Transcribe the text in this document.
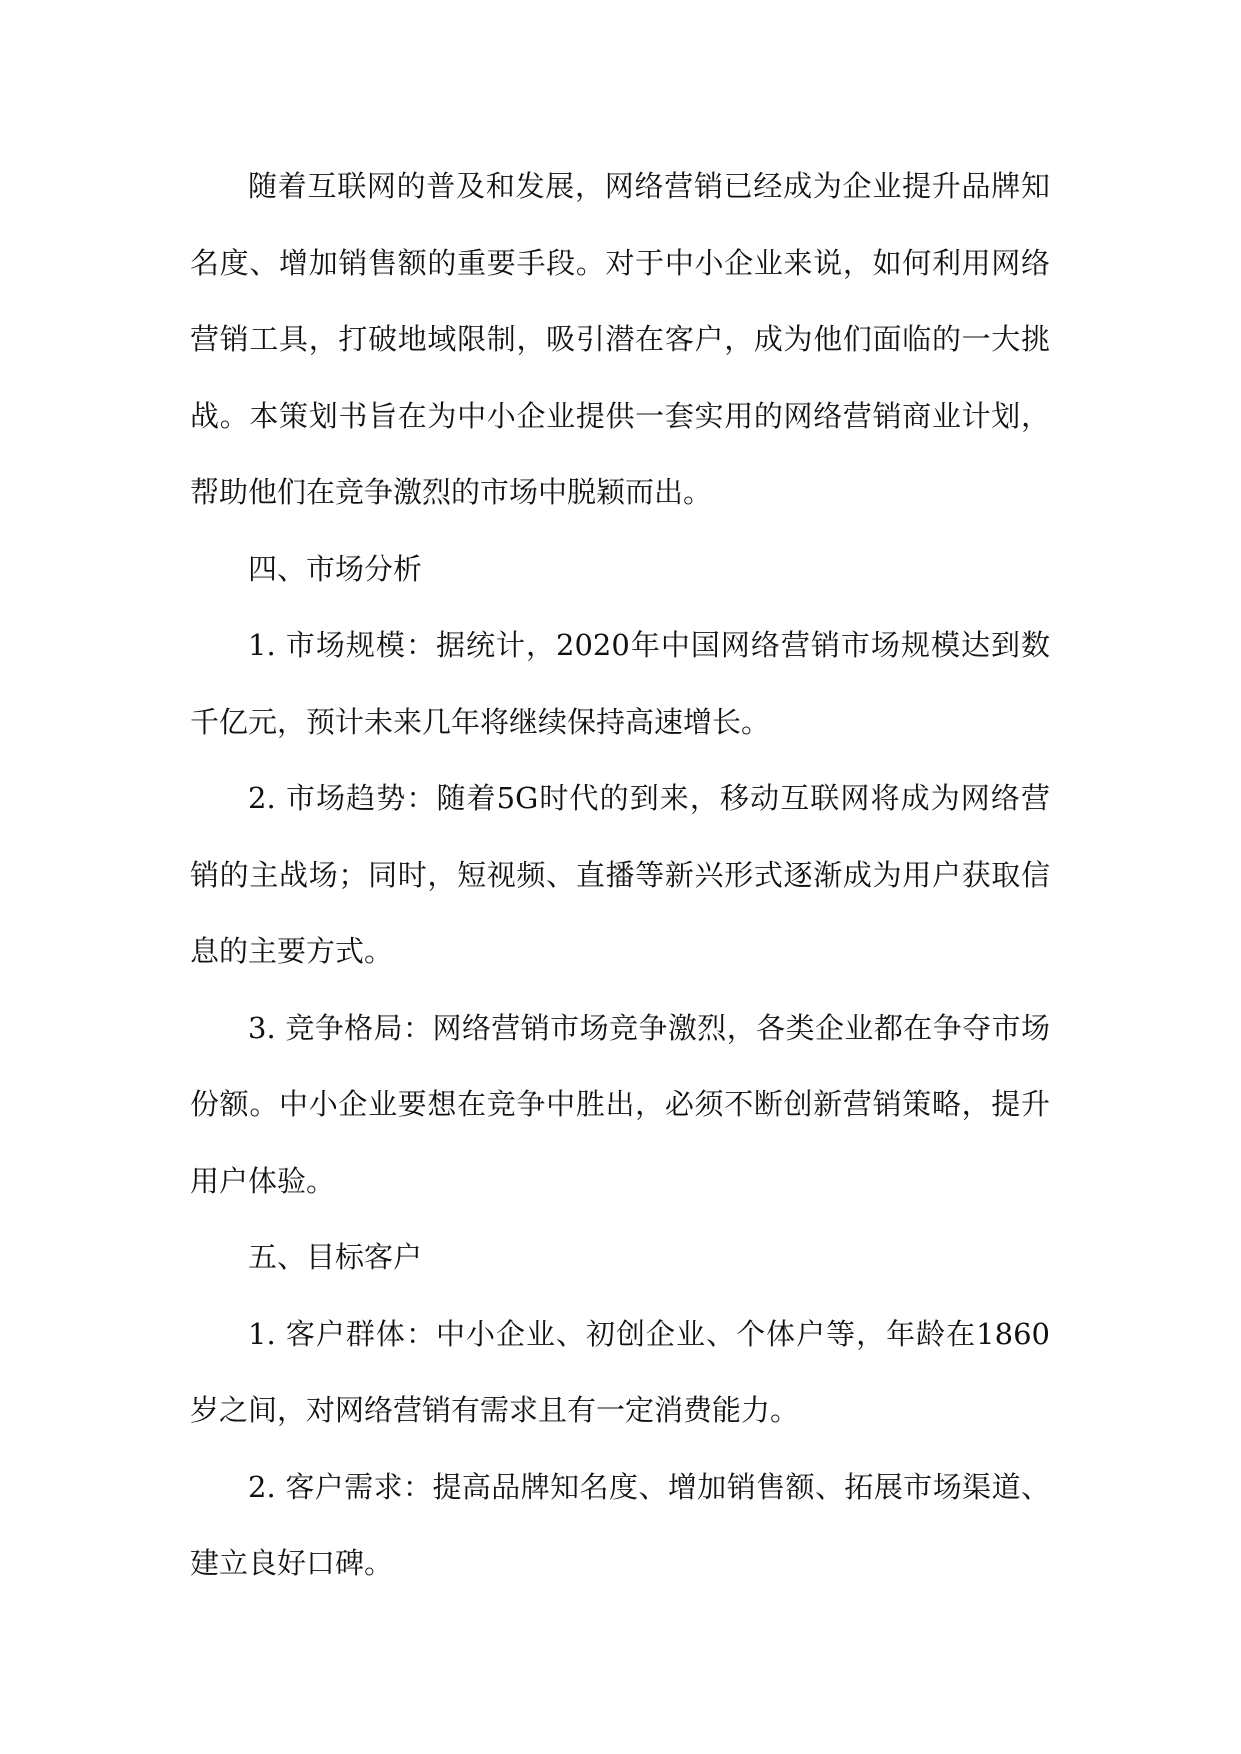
随着互联网的普及和发展，网络营销已经成为企业提升品牌知名度、增加销售额的重要手段。对于中小企业来说，如何利用网络营销工具，打破地域限制，吸引潜在客户，成为他们面临的一大挑战。本策划书旨在为中小企业提供一套实用的网络营销商业计划，帮助他们在竞争激烈的市场中脱颖而出。

四、市场分析

1. 市场规模：据统计，2020年中国网络营销市场规模达到数千亿元，预计未来几年将继续保持高速增长。

2. 市场趋势：随着5G时代的到来，移动互联网将成为网络营销的主战场；同时，短视频、直播等新兴形式逐渐成为用户获取信息的主要方式。

3. 竞争格局：网络营销市场竞争激烈，各类企业都在争夺市场份额。中小企业要想在竞争中胜出，必须不断创新营销策略，提升用户体验。

五、目标客户

1. 客户群体：中小企业、初创企业、个体户等，年龄在1860岁之间，对网络营销有需求且有一定消费能力。

2. 客户需求：提高品牌知名度、增加销售额、拓展市场渠道、建立良好口碑。
